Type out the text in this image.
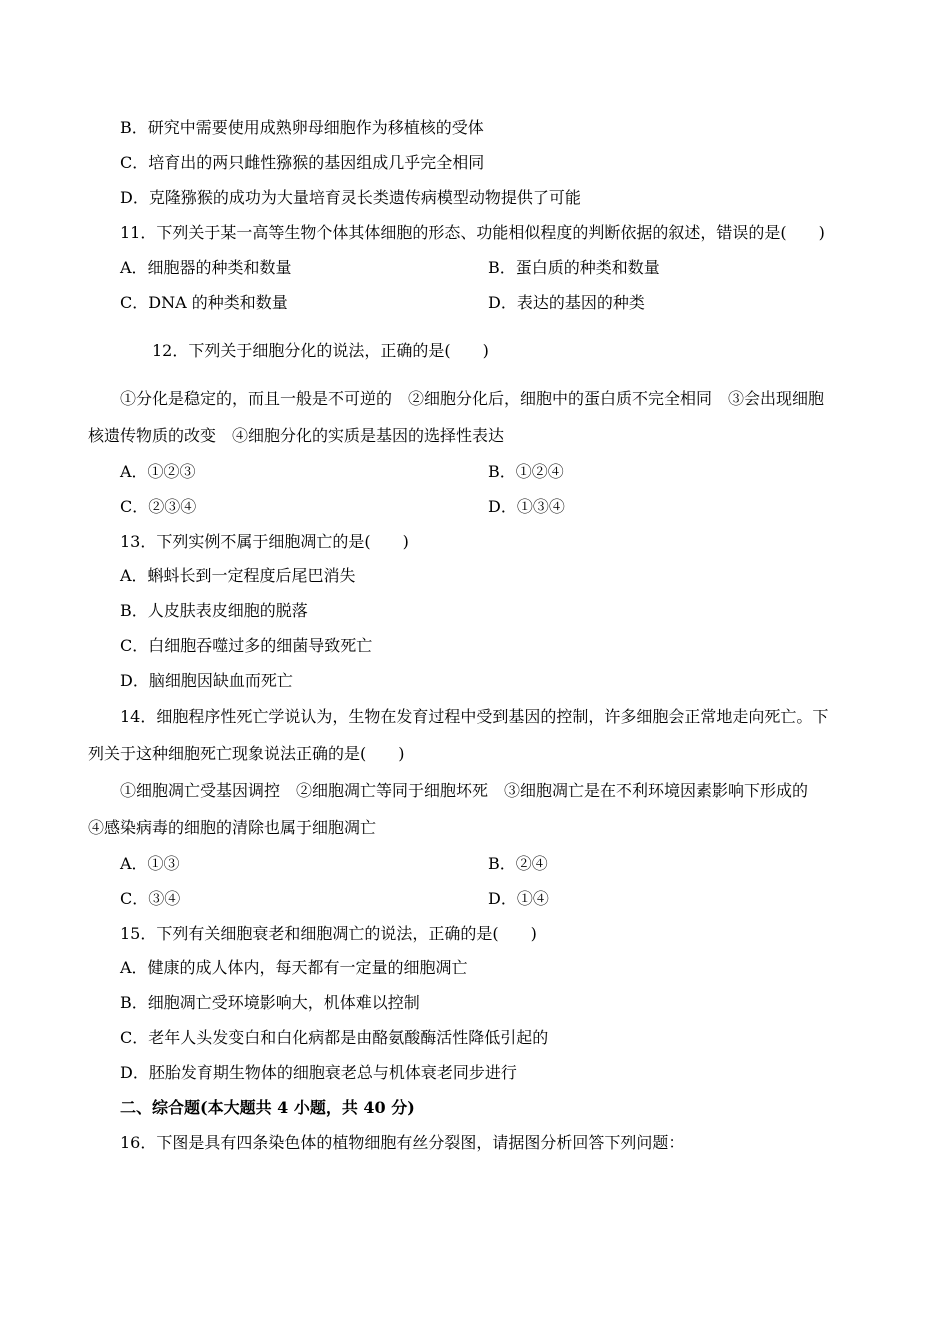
B．研究中需要使用成熟卵母细胞作为移植核的受体
C．培育出的两只雌性猕猴的基因组成几乎完全相同
D．克隆猕猴的成功为大量培育灵长类遗传病模型动物提供了可能
11．下列关于某一高等生物个体其体细胞的形态、功能相似程度的判断依据的叙述，错误的是(　　)
A．细胞器的种类和数量	B．蛋白质的种类和数量
C．DNA 的种类和数量	D．表达的基因的种类
12．下列关于细胞分化的说法，正确的是(　　)
①分化是稳定的，而且一般是不可逆的　②细胞分化后，细胞中的蛋白质不完全相同　③会出现细胞
核遗传物质的改变　④细胞分化的实质是基因的选择性表达
A．①②③	B．①②④
C．②③④	D．①③④
13．下列实例不属于细胞凋亡的是(　　)
A．蝌蚪长到一定程度后尾巴消失
B．人皮肤表皮细胞的脱落
C．白细胞吞噬过多的细菌导致死亡
D．脑细胞因缺血而死亡
14．细胞程序性死亡学说认为，生物在发育过程中受到基因的控制，许多细胞会正常地走向死亡。下
列关于这种细胞死亡现象说法正确的是(　　)
①细胞凋亡受基因调控　②细胞凋亡等同于细胞坏死　③细胞凋亡是在不利环境因素影响下形成的
④感染病毒的细胞的清除也属于细胞凋亡
A．①③	B．②④
C．③④	D．①④
15．下列有关细胞衰老和细胞凋亡的说法，正确的是(　　)
A．健康的成人体内，每天都有一定量的细胞凋亡
B．细胞凋亡受环境影响大，机体难以控制
C．老年人头发变白和白化病都是由酪氨酸酶活性降低引起的
D．胚胎发育期生物体的细胞衰老总与机体衰老同步进行
二、综合题(本大题共 4 小题，共 40 分)
16．下图是具有四条染色体的植物细胞有丝分裂图，请据图分析回答下列问题：
